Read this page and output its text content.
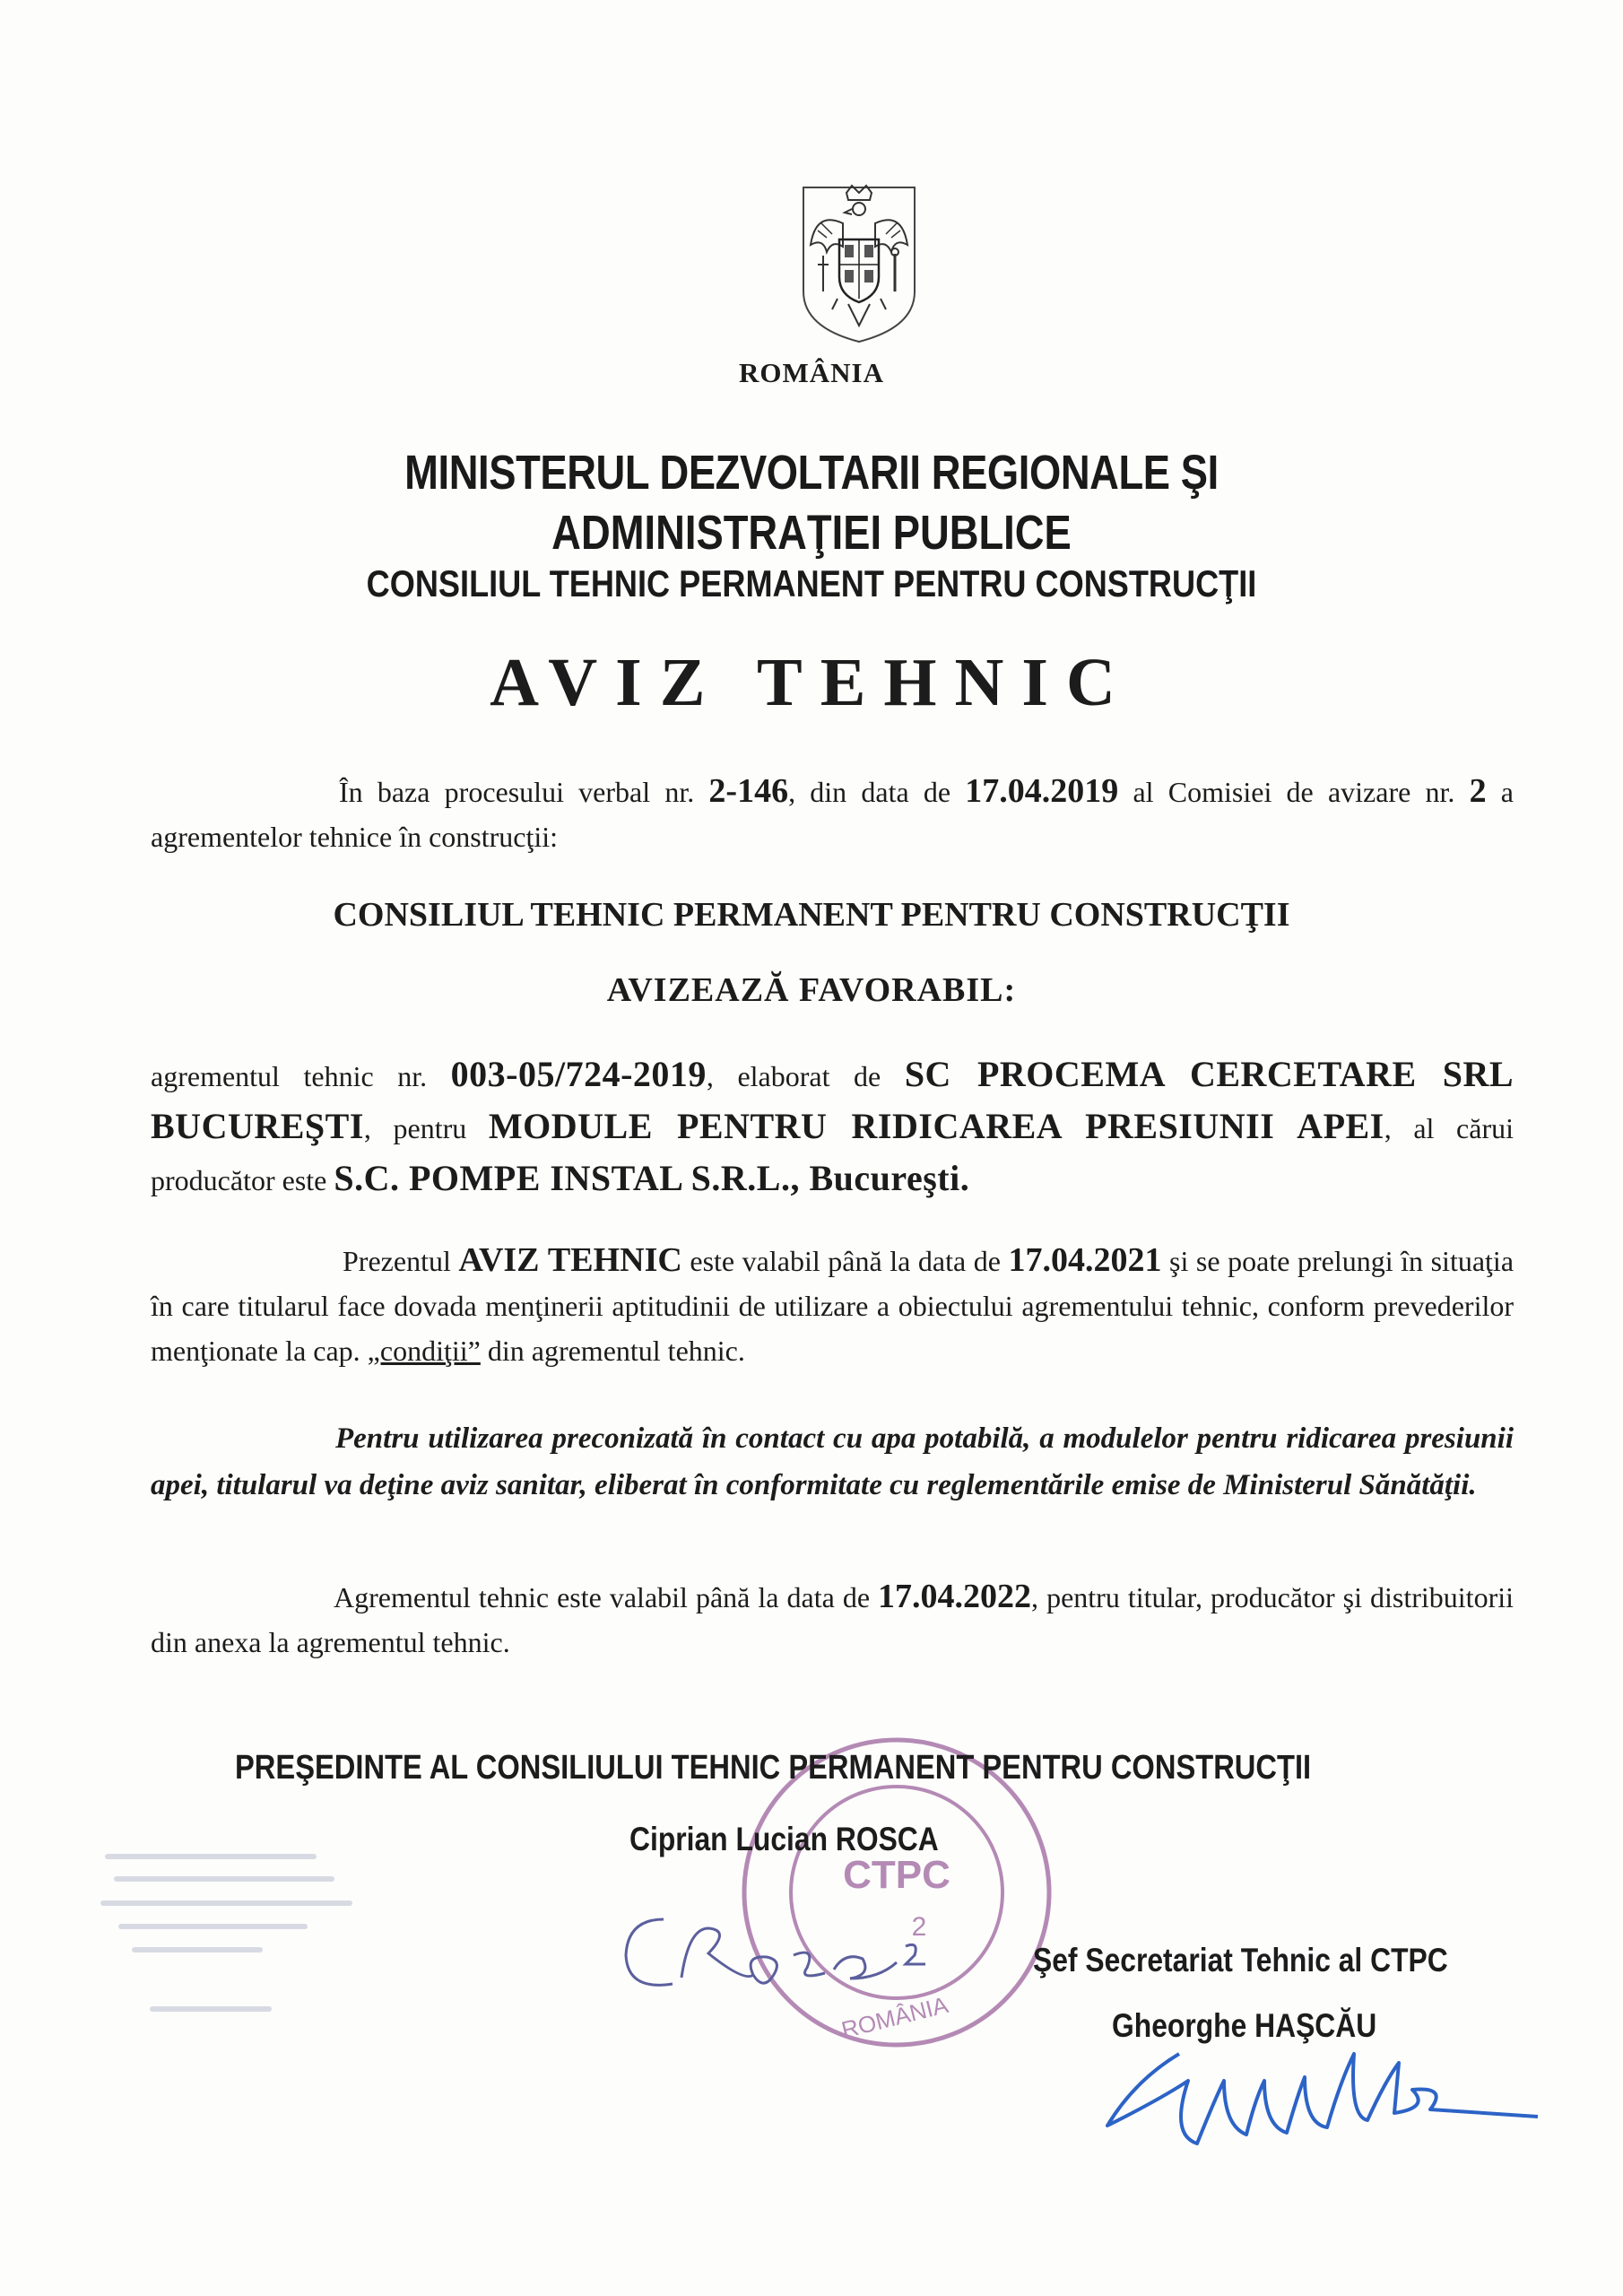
ROMÂNIA
MINISTERUL DEZVOLTARII REGIONALE ŞI
ADMINISTRAŢIEI PUBLICE
CONSILIUL TEHNIC PERMANENT PENTRU CONSTRUCŢII
AVIZ TEHNIC
În baza procesului verbal nr. 2-146, din data de 17.04.2019 al Comisiei de avizare nr. 2 a agrementelor tehnice în construcţii:
CONSILIUL TEHNIC PERMANENT PENTRU CONSTRUCŢII
AVIZEAZĂ FAVORABIL:
agrementul tehnic nr. 003-05/724-2019, elaborat de SC PROCEMA CERCETARE SRL BUCUREŞTI, pentru MODULE PENTRU RIDICAREA PRESIUNII APEI, al cărui producător este S.C. POMPE INSTAL S.R.L., Bucureşti.
Prezentul AVIZ TEHNIC este valabil până la data de 17.04.2021 şi se poate prelungi în situaţia în care titularul face dovada menţinerii aptitudinii de utilizare a obiectului agrementului tehnic, conform prevederilor menţionate la cap. „condiţii” din agrementul tehnic.
Pentru utilizarea preconizată în contact cu apa potabilă, a modulelor pentru ridicarea presiunii apei, titularul va deţine aviz sanitar, eliberat în conformitate cu reglementările emise de Ministerul Sănătăţii.
Agrementul tehnic este valabil până la data de 17.04.2022, pentru titular, producător şi distribuitorii din anexa la agrementul tehnic.
CTPC
2
ROMÂNIA
PREŞEDINTE AL CONSILIULUI TEHNIC PERMANENT PENTRU CONSTRUCŢII
Ciprian Lucian ROSCA
Şef Secretariat Tehnic al CTPC
Gheorghe HAŞCĂU
